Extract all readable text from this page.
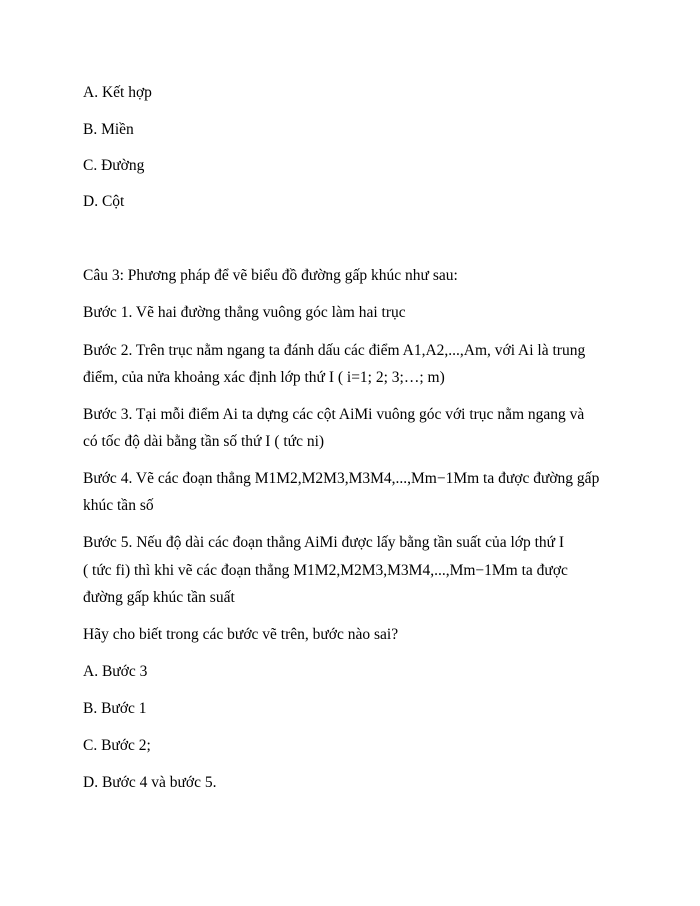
A. Kết hợp
B. Miền
C. Đường
D. Cột
Câu 3: Phương pháp để vẽ biểu đồ đường gấp khúc như sau:
Bước 1. Vẽ hai đường thẳng vuông góc làm hai trục
Bước 2. Trên trục nằm ngang ta đánh dấu các điểm A1,A2,...,Am, với Ai là trung
điểm, của nửa khoảng xác định lớp thứ I ( i=1; 2; 3;…; m)
Bước 3. Tại mỗi điểm Ai ta dựng các cột AiMi vuông góc với trục nằm ngang và
có tốc độ dài bằng tần số thứ I ( tức ni)
Bước 4. Vẽ các đoạn thẳng M1M2,M2M3,M3M4,...,Mm−1Mm ta được đường gấp
khúc tần số
Bước 5. Nếu độ dài các đoạn thẳng AiMi được lấy bằng tần suất của lớp thứ I
( tức fi) thì khi vẽ các đoạn thẳng M1M2,M2M3,M3M4,...,Mm−1Mm ta được
đường gấp khúc tần suất
Hãy cho biết trong các bước vẽ trên, bước nào sai?
A. Bước 3
B. Bước 1
C. Bước 2;
D. Bước 4 và bước 5.
